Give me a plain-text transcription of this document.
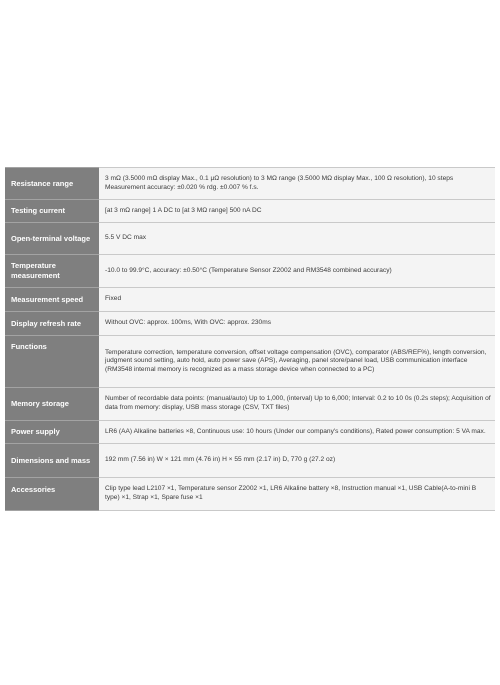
Resistance range	3 mΩ (3.5000 mΩ display Max., 0.1 μΩ resolution) to 3 MΩ range (3.5000 MΩ display Max., 100 Ω resolution), 10 steps Measurement accuracy: ±0.020 % rdg. ±0.007 % f.s.
Testing current	[at 3 mΩ range] 1 A DC to [at 3 MΩ range] 500 nA DC
Open-terminal voltage	5.5 V DC max
Temperature measurement	-10.0 to 99.9°C, accuracy: ±0.50°C (Temperature Sensor Z2002 and RM3548 combined accuracy)
Measurement speed	Fixed
Display refresh rate	Without OVC: approx. 100ms, With OVC: approx. 230ms
Functions	Temperature correction, temperature conversion, offset voltage compensation (OVC), comparator (ABS/REF%), length conversion, judgment sound setting, auto hold, auto power save (APS), Averaging, panel store/panel load, USB communication interface (RM3548 internal memory is recognized as a mass storage device when connected to a PC)
Memory storage	Number of recordable data points: (manual/auto) Up to 1,000, (interval) Up to 6,000; Interval: 0.2 to 10 0s (0.2s steps); Acquisition of data from memory: display, USB mass storage (CSV, TXT files)
Power supply	LR6 (AA) Alkaline batteries ×8, Continuous use: 10 hours (Under our company's conditions), Rated power consumption: 5 VA max.
Dimensions and mass	192 mm (7.56 in) W × 121 mm (4.76 in) H × 55 mm (2.17 in) D, 770 g (27.2 oz)
Accessories	Clip type lead L2107 ×1, Temperature sensor Z2002 ×1, LR6 Alkaline battery ×8, Instruction manual ×1, USB Cable(A-to-mini B type) ×1, Strap ×1, Spare fuse ×1
